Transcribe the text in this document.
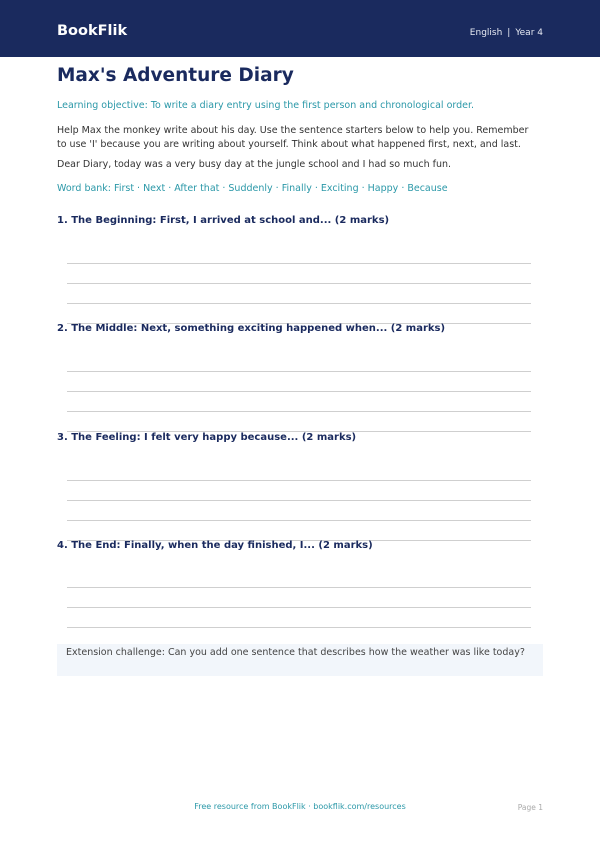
BookFlik	English | Year 4
Max's Adventure Diary
Learning objective: To write a diary entry using the first person and chronological order.
Help Max the monkey write about his day. Use the sentence starters below to help you. Remember to use 'I' because you are writing about yourself. Think about what happened first, next, and last.
Dear Diary, today was a very busy day at the jungle school and I had so much fun.
Word bank: First · Next · After that · Suddenly · Finally · Exciting · Happy · Because
1. The Beginning: First, I arrived at school and... (2 marks)
2. The Middle: Next, something exciting happened when... (2 marks)
3. The Feeling: I felt very happy because... (2 marks)
4. The End: Finally, when the day finished, I... (2 marks)
Extension challenge: Can you add one sentence that describes how the weather was like today?
Free resource from BookFlik · bookflik.com/resources	Page 1
